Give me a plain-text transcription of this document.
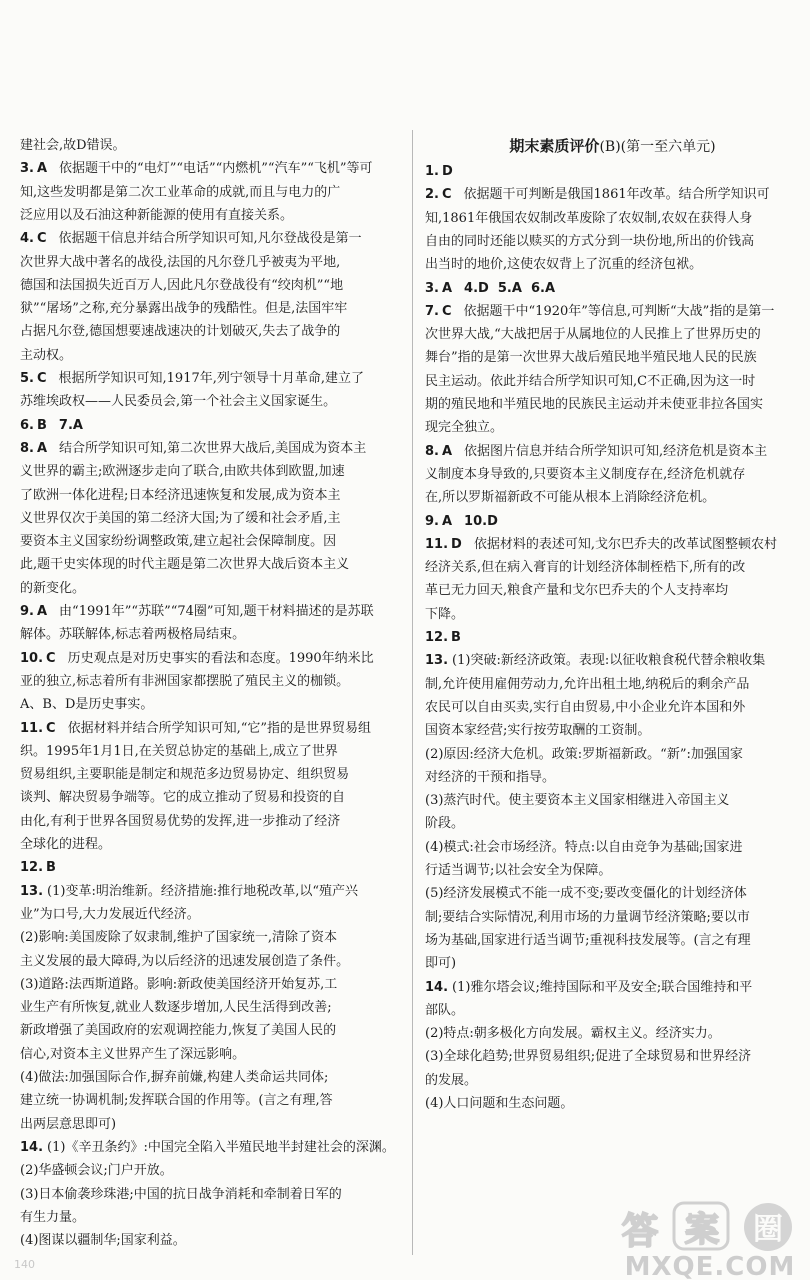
建社会,故D错误。
3. A 依据题干中的“电灯”“电话”“内燃机”“汽车”“飞机”等可
知,这些发明都是第二次工业革命的成就,而且与电力的广
泛应用以及石油这种新能源的使用有直接关系。
4. C 依据题干信息并结合所学知识可知,凡尔登战役是第一
次世界大战中著名的战役,法国的凡尔登几乎被夷为平地,
德国和法国损失近百万人,因此凡尔登战役有“绞肉机”“地
狱”“屠场”之称,充分暴露出战争的残酷性。但是,法国牢牢
占据凡尔登,德国想要速战速决的计划破灭,失去了战争的
主动权。
5. C 根据所学知识可知,1917年,列宁领导十月革命,建立了
苏维埃政权——人民委员会,第一个社会主义国家诞生。
6. B 7.A
8. A 结合所学知识可知,第二次世界大战后,美国成为资本主
义世界的霸主;欧洲逐步走向了联合,由欧共体到欧盟,加速
了欧洲一体化进程;日本经济迅速恢复和发展,成为资本主
义世界仅次于美国的第二经济大国;为了缓和社会矛盾,主
要资本主义国家纷纷调整政策,建立起社会保障制度。因
此,题干史实体现的时代主题是第二次世界大战后资本主义
的新变化。
9. A 由“1991年”“苏联”“74圈”可知,题干材料描述的是苏联
解体。苏联解体,标志着两极格局结束。
10. C 历史观点是对历史事实的看法和态度。1990年纳米比
亚的独立,标志着所有非洲国家都摆脱了殖民主义的枷锁。
A、B、D是历史事实。
11. C 依据材料并结合所学知识可知,“它”指的是世界贸易组
织。1995年1月1日,在关贸总协定的基础上,成立了世界
贸易组织,主要职能是制定和规范多边贸易协定、组织贸易
谈判、解决贸易争端等。它的成立推动了贸易和投资的自
由化,有利于世界各国贸易优势的发挥,进一步推动了经济
全球化的进程。
12. B
13. (1)变革:明治维新。经济措施:推行地税改革,以“殖产兴
业”为口号,大力发展近代经济。
(2)影响:美国废除了奴隶制,维护了国家统一,清除了资本
主义发展的最大障碍,为以后经济的迅速发展创造了条件。
(3)道路:法西斯道路。影响:新政使美国经济开始复苏,工
业生产有所恢复,就业人数逐步增加,人民生活得到改善;
新政增强了美国政府的宏观调控能力,恢复了美国人民的
信心,对资本主义世界产生了深远影响。
(4)做法:加强国际合作,摒弃前嫌,构建人类命运共同体;
建立统一协调机制;发挥联合国的作用等。(言之有理,答
出两层意思即可)
14. (1)《辛丑条约》:中国完全陷入半殖民地半封建社会的深渊。
(2)华盛顿会议;门户开放。
(3)日本偷袭珍珠港;中国的抗日战争消耗和牵制着日军的
有生力量。
(4)图谋以疆制华;国家利益。
期末素质评价(B)(第一至六单元)
1. D
2. C 依据题干可判断是俄国1861年改革。结合所学知识可
知,1861年俄国农奴制改革废除了农奴制,农奴在获得人身
自由的同时还能以赎买的方式分到一块份地,所出的价钱高
出当时的地价,这使农奴背上了沉重的经济包袱。
3. A 4.D  5.A  6.A
7. C 依据题干中“1920年”等信息,可判断“大战”指的是第一
次世界大战,“大战把居于从属地位的人民推上了世界历史的
舞台”指的是第一次世界大战后殖民地半殖民地人民的民族
民主运动。依此并结合所学知识可知,C不正确,因为这一时
期的殖民地和半殖民地的民族民主运动并未使亚非拉各国实
现完全独立。
8. A 依据图片信息并结合所学知识可知,经济危机是资本主
义制度本身导致的,只要资本主义制度存在,经济危机就存
在,所以罗斯福新政不可能从根本上消除经济危机。
9. A 10.D
11. D 依据材料的表述可知,戈尔巴乔夫的改革试图整顿农村
经济关系,但在病入膏肓的计划经济体制桎梏下,所有的改
革已无力回天,粮食产量和戈尔巴乔夫的个人支持率均
下降。
12. B
13. (1)突破:新经济政策。表现:以征收粮食税代替余粮收集
制,允许使用雇佣劳动力,允许出租土地,纳税后的剩余产品
农民可以自由买卖,实行自由贸易,中小企业允许本国和外
国资本家经营;实行按劳取酬的工资制。
(2)原因:经济大危机。政策:罗斯福新政。“新”:加强国家
对经济的干预和指导。
(3)蒸汽时代。使主要资本主义国家相继进入帝国主义
阶段。
(4)模式:社会市场经济。特点:以自由竞争为基础;国家进
行适当调节;以社会安全为保障。
(5)经济发展模式不能一成不变;要改变僵化的计划经济体
制;要结合实际情况,利用市场的力量调节经济策略;要以市
场为基础,国家进行适当调节;重视科技发展等。(言之有理
即可)
14. (1)雅尔塔会议;维持国际和平及安全;联合国维持和平
部队。
(2)特点:朝多极化方向发展。霸权主义。经济实力。
(3)全球化趋势;世界贸易组织;促进了全球贸易和世界经济
的发展。
(4)人口问题和生态问题。
案
答	圈
MXQE.COM
140
